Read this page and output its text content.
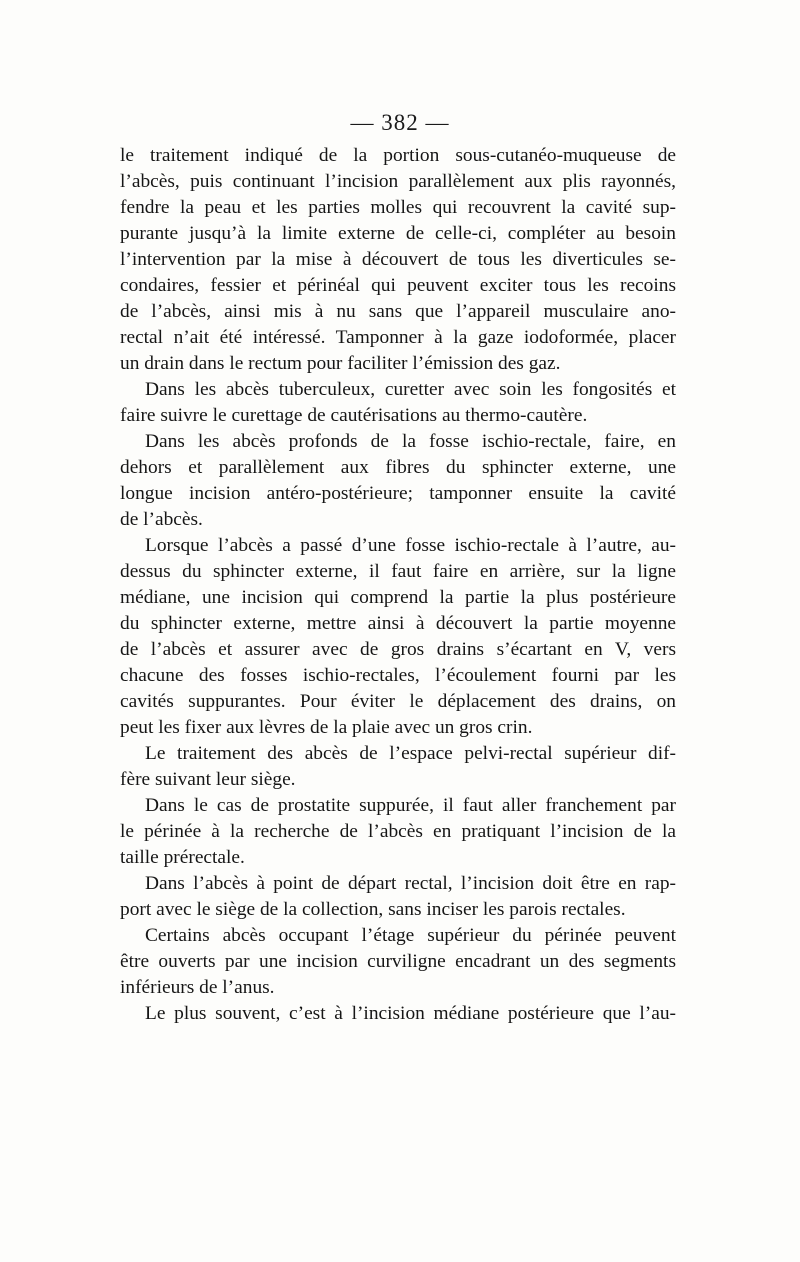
— 382 —
le traitement indiqué de la portion sous-cutanéo-muqueuse de
l’abcès, puis continuant l’incision parallèlement aux plis rayonnés,
fendre la peau et les parties molles qui recouvrent la cavité sup-
purante jusqu’à la limite externe de celle-ci, compléter au besoin
l’intervention par la mise à découvert de tous les diverticules se-
condaires, fessier et périnéal qui peuvent exciter tous les recoins
de l’abcès, ainsi mis à nu sans que l’appareil musculaire ano-
rectal n’ait été intéressé. Tamponner à la gaze iodoformée, placer
un drain dans le rectum pour faciliter l’émission des gaz.
Dans les abcès tuberculeux, curetter avec soin les fongosités et
faire suivre le curettage de cautérisations au thermo-cautère.
Dans les abcès profonds de la fosse ischio-rectale, faire, en
dehors et parallèlement aux fibres du sphincter externe, une
longue incision antéro-postérieure; tamponner ensuite la cavité
de l’abcès.
Lorsque l’abcès a passé d’une fosse ischio-rectale à l’autre, au-
dessus du sphincter externe, il faut faire en arrière, sur la ligne
médiane, une incision qui comprend la partie la plus postérieure
du sphincter externe, mettre ainsi à découvert la partie moyenne
de l’abcès et assurer avec de gros drains s’écartant en V, vers
chacune des fosses ischio-rectales, l’écoulement fourni par les
cavités suppurantes. Pour éviter le déplacement des drains, on
peut les fixer aux lèvres de la plaie avec un gros crin.
Le traitement des abcès de l’espace pelvi-rectal supérieur dif-
fère suivant leur siège.
Dans le cas de prostatite suppurée, il faut aller franchement par
le périnée à la recherche de l’abcès en pratiquant l’incision de la
taille prérectale.
Dans l’abcès à point de départ rectal, l’incision doit être en rap-
port avec le siège de la collection, sans inciser les parois rectales.
Certains abcès occupant l’étage supérieur du périnée peuvent
être ouverts par une incision curviligne encadrant un des segments
inférieurs de l’anus.
Le plus souvent, c’est à l’incision médiane postérieure que l’au-
